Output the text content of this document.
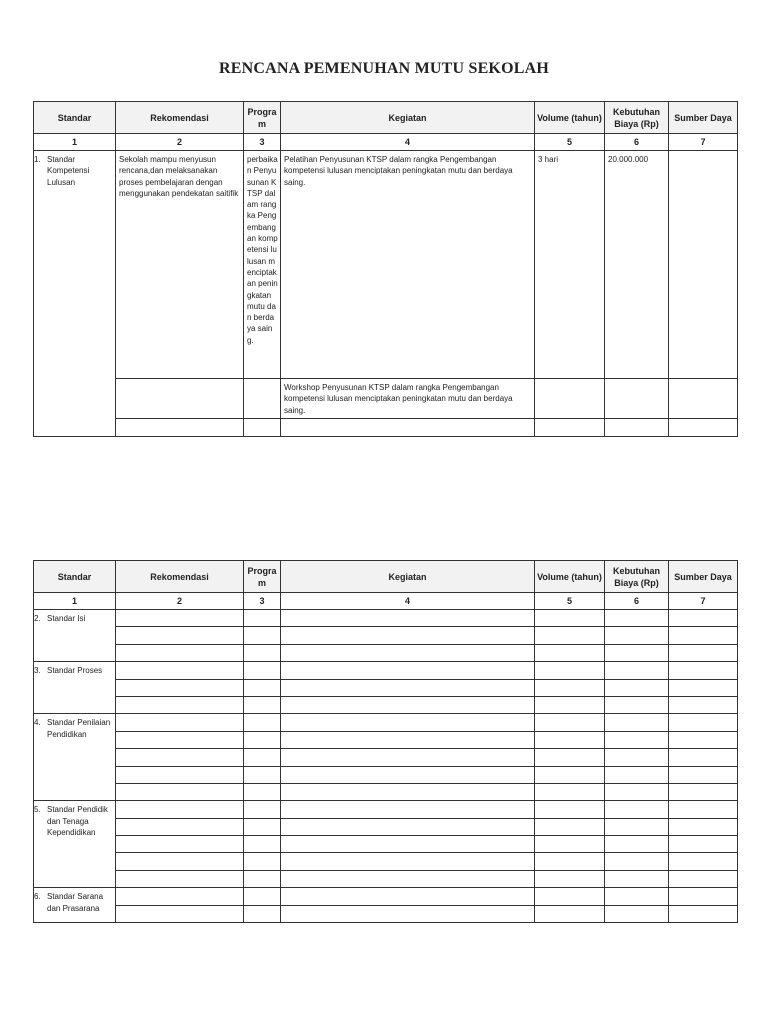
RENCANA PEMENUHAN MUTU SEKOLAH
Standar	Rekomendasi	Progra m	Kegiatan	Volume (tahun)	Kebutuhan Biaya (Rp)	Sumber Daya
1	2	3	4	5	6	7

1. Standar Kompetensi Lulusan	Sekolah mampu menyusun rencana,dan melaksanakan proses pembelajaran dengan menggunakan pendekatan saitifik	perbaikan Penyusunan KTSP dalam rangka Pengembangan kompetensi lulusan menciptakan peningkatan mutu dan berdaya saing.	Pelatihan Penyusunan KTSP dalam rangka Pengembangan kompetensi lulusan menciptakan peningkatan mutu dan berdaya saing.	3 hari	20.000.000	

			Workshop Penyusunan KTSP dalam rangka Pengembangan kompetensi lulusan menciptakan peningkatan mutu dan berdaya saing.			

Standar	Rekomendasi	Progra m	Kegiatan	Volume (tahun)	Kebutuhan Biaya (Rp)	Sumber Daya
1	2	3	4	5	6	7

2. Standar Isi						

3. Standar Proses						

4. Standar Penilaian Pendidikan						

5. Standar Pendidik dan Tenaga Kependidikan						

6. Standar Sarana dan Prasarana						
